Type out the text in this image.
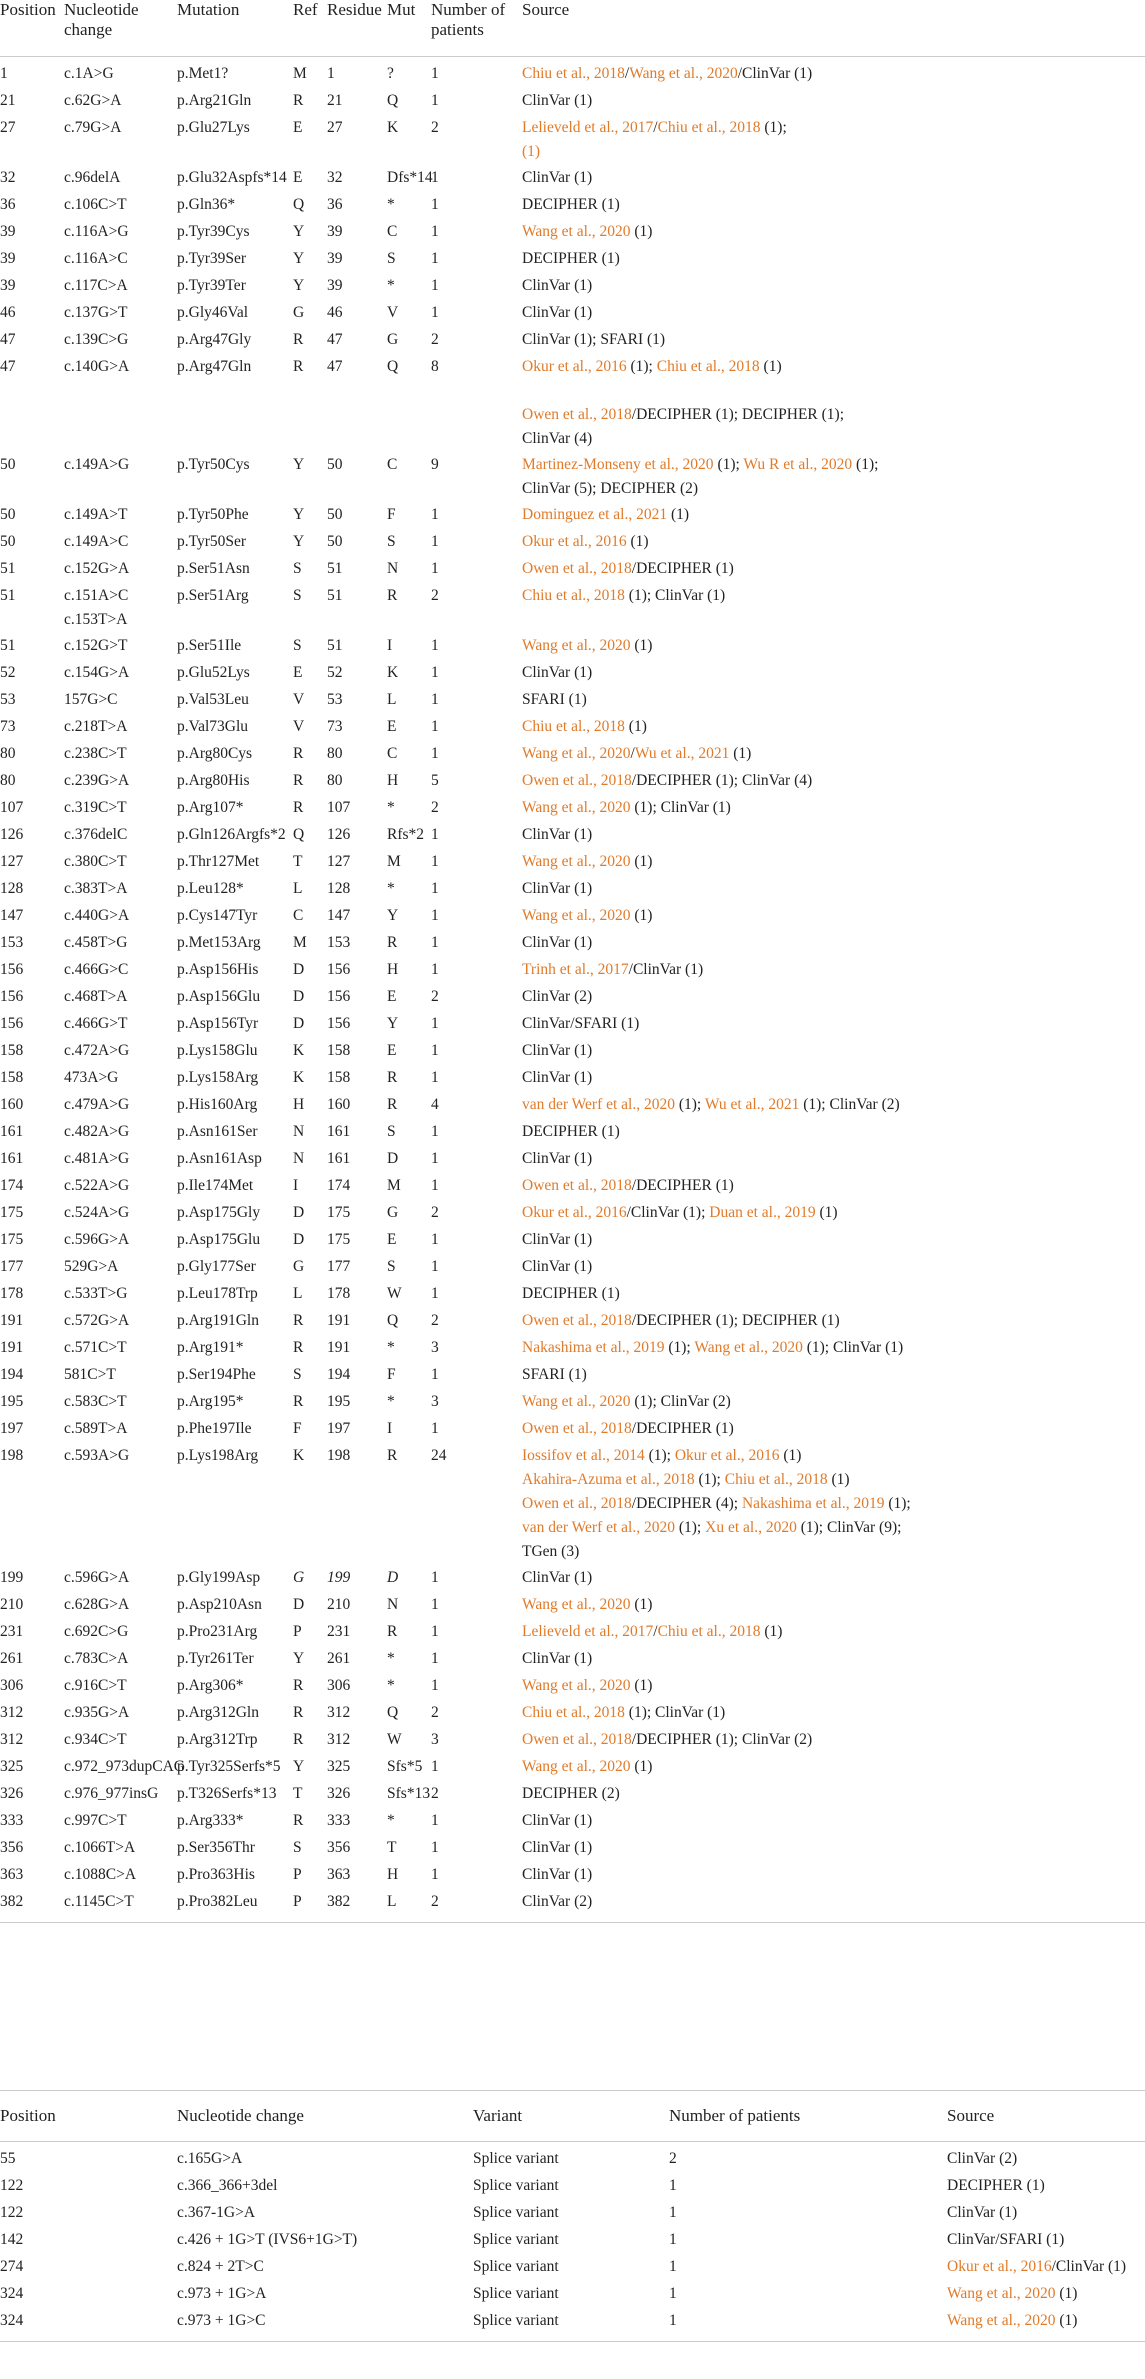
Position	Nucleotide change	Mutation	Ref	Residue	Mut	Number of patients	Source

1	c.1A>G	p.Met1?	M	1	?	1	Chiu et al., 2018/Wang et al., 2020/ClinVar (1)

21	c.62G>A	p.Arg21Gln	R	21	Q	1	ClinVar (1)

27	c.79G>A	p.Glu27Lys	E	27	K	2	Lelieveld et al., 2017/Chiu et al., 2018 (1);
(1)

32	c.96delA	p.Glu32Aspfs*14	E	32	Dfs*14	1	ClinVar (1)

36	c.106C>T	p.Gln36*	Q	36	*	1	DECIPHER (1)

39	c.116A>G	p.Tyr39Cys	Y	39	C	1	Wang et al., 2020 (1)

39	c.116A>C	p.Tyr39Ser	Y	39	S	1	DECIPHER (1)

39	c.117C>A	p.Tyr39Ter	Y	39	*	1	ClinVar (1)

46	c.137G>T	p.Gly46Val	G	46	V	1	ClinVar (1)

47	c.139C>G	p.Arg47Gly	R	47	G	2	ClinVar (1); SFARI (1)

47	c.140G>A	p.Arg47Gln	R	47	Q	8	Okur et al., 2016 (1); Chiu et al., 2018 (1)
Owen et al., 2018/DECIPHER (1); DECIPHER (1);
ClinVar (4)

50	c.149A>G	p.Tyr50Cys	Y	50	C	9	Martinez-Monseny et al., 2020 (1); Wu R et al., 2020 (1);
ClinVar (5); DECIPHER (2)

50	c.149A>T	p.Tyr50Phe	Y	50	F	1	Dominguez et al., 2021 (1)

50	c.149A>C	p.Tyr50Ser	Y	50	S	1	Okur et al., 2016 (1)

51	c.152G>A	p.Ser51Asn	S	51	N	1	Owen et al., 2018/DECIPHER (1)

51	c.151A>C
c.153T>A	p.Ser51Arg	S	51	R	2	Chiu et al., 2018 (1); ClinVar (1)

51	c.152G>T	p.Ser51Ile	S	51	I	1	Wang et al., 2020 (1)

52	c.154G>A	p.Glu52Lys	E	52	K	1	ClinVar (1)

53	157G>C	p.Val53Leu	V	53	L	1	SFARI (1)

73	c.218T>A	p.Val73Glu	V	73	E	1	Chiu et al., 2018 (1)

80	c.238C>T	p.Arg80Cys	R	80	C	1	Wang et al., 2020/Wu et al., 2021 (1)

80	c.239G>A	p.Arg80His	R	80	H	5	Owen et al., 2018/DECIPHER (1); ClinVar (4)

107	c.319C>T	p.Arg107*	R	107	*	2	Wang et al., 2020 (1); ClinVar (1)

126	c.376delC	p.Gln126Argfs*2	Q	126	Rfs*2	1	ClinVar (1)

127	c.380C>T	p.Thr127Met	T	127	M	1	Wang et al., 2020 (1)

128	c.383T>A	p.Leu128*	L	128	*	1	ClinVar (1)

147	c.440G>A	p.Cys147Tyr	C	147	Y	1	Wang et al., 2020 (1)

153	c.458T>G	p.Met153Arg	M	153	R	1	ClinVar (1)

156	c.466G>C	p.Asp156His	D	156	H	1	Trinh et al., 2017/ClinVar (1)

156	c.468T>A	p.Asp156Glu	D	156	E	2	ClinVar (2)

156	c.466G>T	p.Asp156Tyr	D	156	Y	1	ClinVar/SFARI (1)

158	c.472A>G	p.Lys158Glu	K	158	E	1	ClinVar (1)

158	473A>G	p.Lys158Arg	K	158	R	1	ClinVar (1)

160	c.479A>G	p.His160Arg	H	160	R	4	van der Werf et al., 2020 (1); Wu et al., 2021 (1); ClinVar (2)

161	c.482A>G	p.Asn161Ser	N	161	S	1	DECIPHER (1)

161	c.481A>G	p.Asn161Asp	N	161	D	1	ClinVar (1)

174	c.522A>G	p.Ile174Met	I	174	M	1	Owen et al., 2018/DECIPHER (1)

175	c.524A>G	p.Asp175Gly	D	175	G	2	Okur et al., 2016/ClinVar (1); Duan et al., 2019 (1)

175	c.596G>A	p.Asp175Glu	D	175	E	1	ClinVar (1)

177	529G>A	p.Gly177Ser	G	177	S	1	ClinVar (1)

178	c.533T>G	p.Leu178Trp	L	178	W	1	DECIPHER (1)

191	c.572G>A	p.Arg191Gln	R	191	Q	2	Owen et al., 2018/DECIPHER (1); DECIPHER (1)

191	c.571C>T	p.Arg191*	R	191	*	3	Nakashima et al., 2019 (1); Wang et al., 2020 (1); ClinVar (1)

194	581C>T	p.Ser194Phe	S	194	F	1	SFARI (1)

195	c.583C>T	p.Arg195*	R	195	*	3	Wang et al., 2020 (1); ClinVar (2)

197	c.589T>A	p.Phe197Ile	F	197	I	1	Owen et al., 2018/DECIPHER (1)

198	c.593A>G	p.Lys198Arg	K	198	R	24	Iossifov et al., 2014 (1); Okur et al., 2016 (1)
Akahira-Azuma et al., 2018 (1); Chiu et al., 2018 (1)
Owen et al., 2018/DECIPHER (4); Nakashima et al., 2019 (1);
van der Werf et al., 2020 (1); Xu et al., 2020 (1); ClinVar (9);
TGen (3)

199	c.596G>A	p.Gly199Asp	G	199	D	1	ClinVar (1)

210	c.628G>A	p.Asp210Asn	D	210	N	1	Wang et al., 2020 (1)

231	c.692C>G	p.Pro231Arg	P	231	R	1	Lelieveld et al., 2017/Chiu et al., 2018 (1)

261	c.783C>A	p.Tyr261Ter	Y	261	*	1	ClinVar (1)

306	c.916C>T	p.Arg306*	R	306	*	1	Wang et al., 2020 (1)

312	c.935G>A	p.Arg312Gln	R	312	Q	2	Chiu et al., 2018 (1); ClinVar (1)

312	c.934C>T	p.Arg312Trp	R	312	W	3	Owen et al., 2018/DECIPHER (1); ClinVar (2)

325	c.972_973dupCAG	p.Tyr325Serfs*5	Y	325	Sfs*5	1	Wang et al., 2020 (1)

326	c.976_977insG	p.T326Serfs*13	T	326	Sfs*13	2	DECIPHER (2)

333	c.997C>T	p.Arg333*	R	333	*	1	ClinVar (1)

356	c.1066T>A	p.Ser356Thr	S	356	T	1	ClinVar (1)

363	c.1088C>A	p.Pro363His	P	363	H	1	ClinVar (1)

382	c.1145C>T	p.Pro382Leu	P	382	L	2	ClinVar (2)

Position	Nucleotide change	Variant	Number of patients	Source

55	c.165G>A	Splice variant	2	ClinVar (2)

122	c.366_366+3del	Splice variant	1	DECIPHER (1)

122	c.367-1G>A	Splice variant	1	ClinVar (1)

142	c.426 + 1G>T (IVS6+1G>T)	Splice variant	1	ClinVar/SFARI (1)

274	c.824 + 2T>C	Splice variant	1	Okur et al., 2016/ClinVar (1)

324	c.973 + 1G>A	Splice variant	1	Wang et al., 2020 (1)

324	c.973 + 1G>C	Splice variant	1	Wang et al., 2020 (1)
